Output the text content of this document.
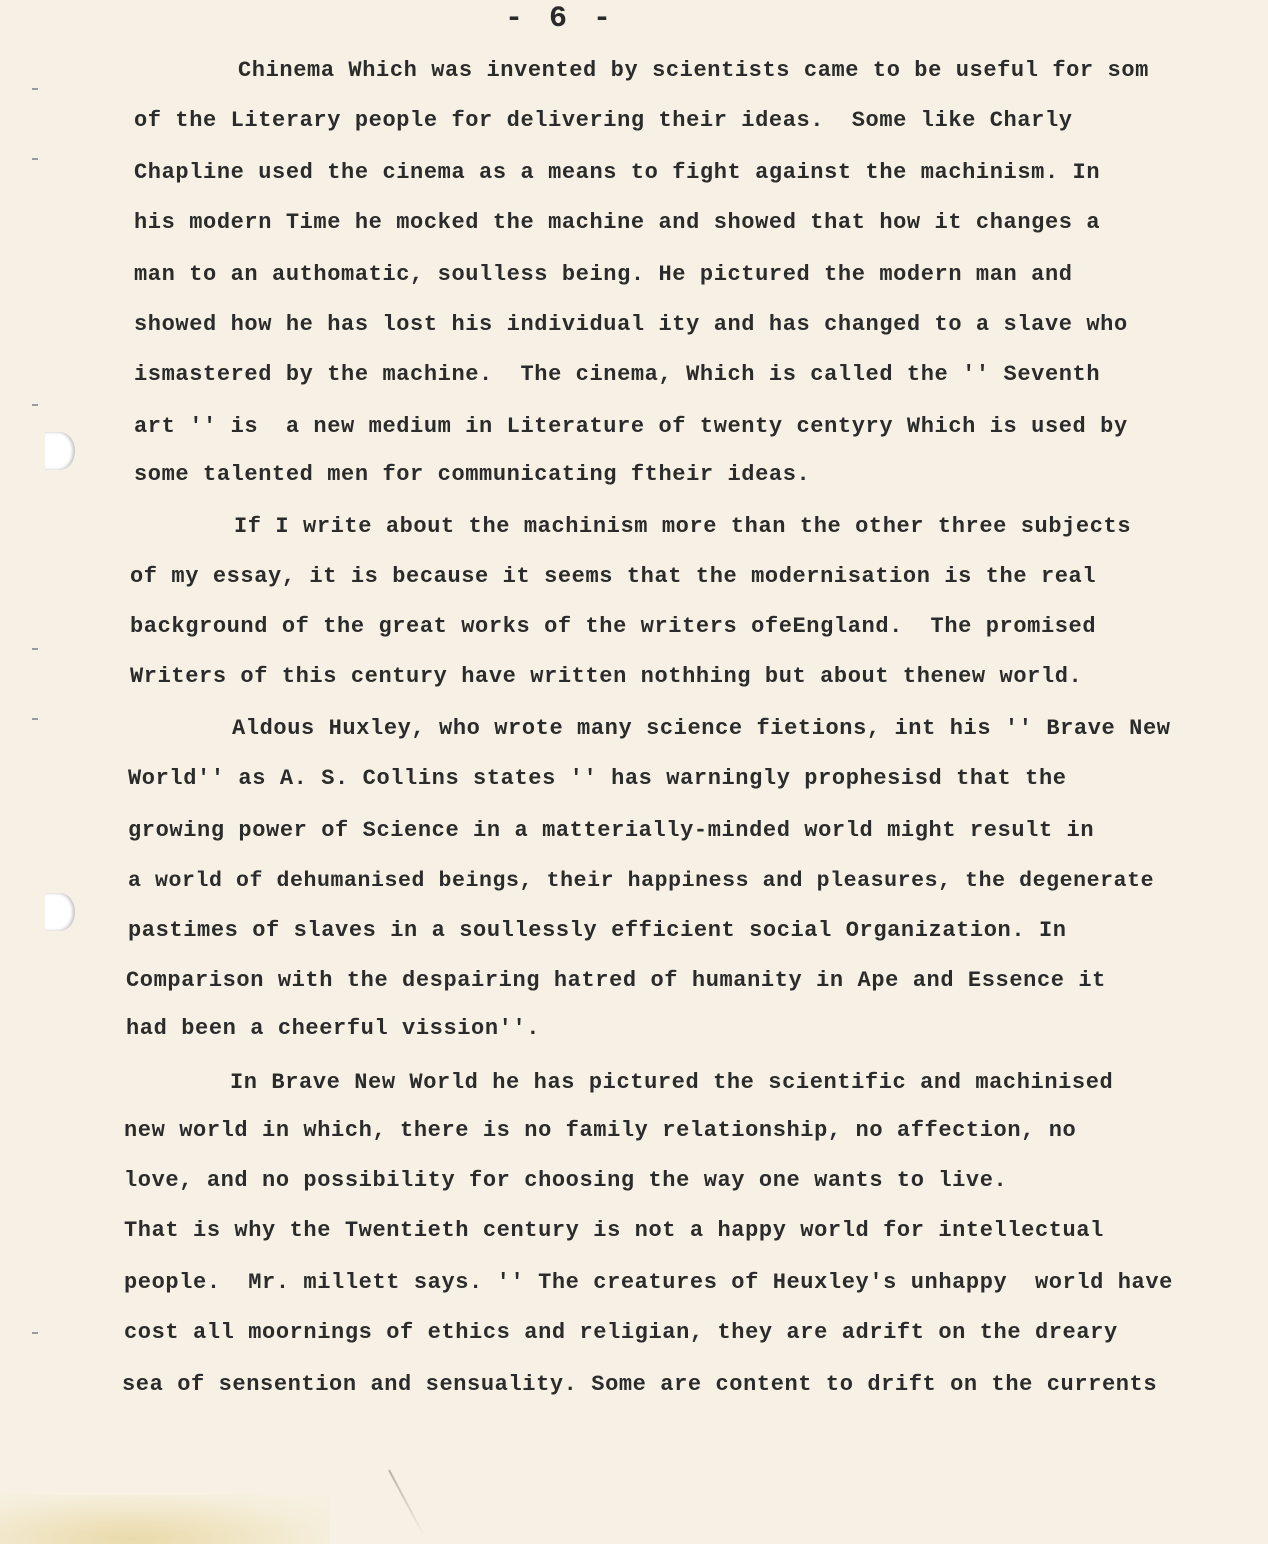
- 6 -
Chinema Which was invented by scientists came to be useful for som
of the Literary people for delivering their ideas.  Some like Charly
Chapline used the cinema as a means to fight against the machinism. In
his modern Time he mocked the machine and showed that how it changes a
man to an authomatic, soulless being. He pictured the modern man and
showed how he has lost his individual ity and has changed to a slave who
ismastered by the machine.  The cinema, Which is called the '' Seventh
art '' is  a new medium in Literature of twenty centyry Which is used by
some talented men for communicating ftheir ideas.
If I write about the machinism more than the other three subjects
of my essay, it is because it seems that the modernisation is the real
background of the great works of the writers ofeEngland.  The promised
Writers of this century have written nothhing but about thenew world.
Aldous Huxley, who wrote many science fietions, int his '' Brave New
World'' as A. S. Collins states '' has warningly prophesisd that the
growing power of Science in a matterially-minded world might result in
a world of dehumanised beings, their happiness and pleasures, the degenerate
pastimes of slaves in a soullessly efficient social Organization. In
Comparison with the despairing hatred of humanity in Ape and Essence it
had been a cheerful vission''.
In Brave New World he has pictured the scientific and machinised
new world in which, there is no family relationship, no affection, no
love, and no possibility for choosing the way one wants to live.
That is why the Twentieth century is not a happy world for intellectual
people.  Mr. millett says. '' The creatures of Heuxley's unhappy  world have
cost all moornings of ethics and religian, they are adrift on the dreary
sea of sensention and sensuality. Some are content to drift on the currents
